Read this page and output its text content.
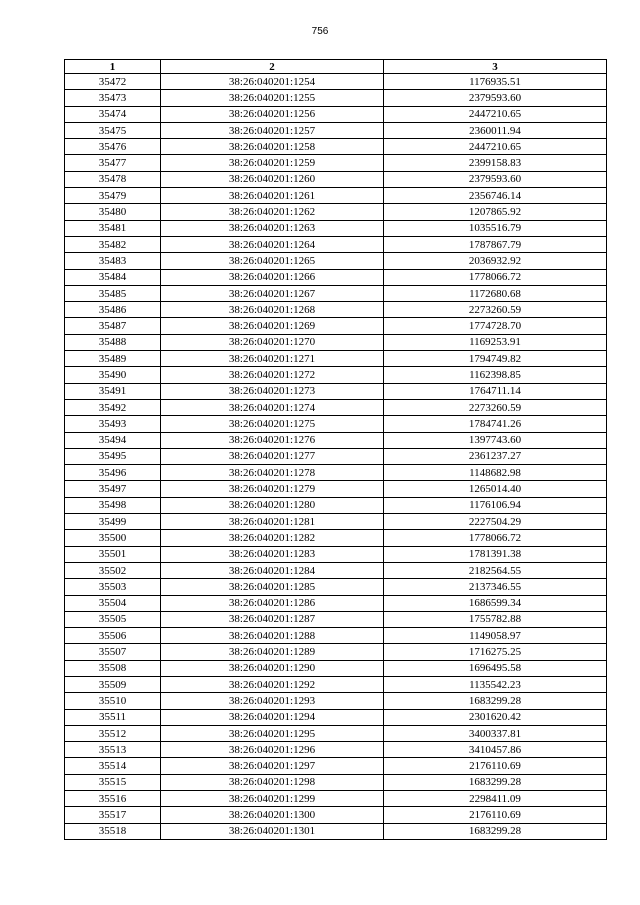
756
1	2	3
35472	38:26:040201:1254	1176935.51
35473	38:26:040201:1255	2379593.60
35474	38:26:040201:1256	2447210.65
35475	38:26:040201:1257	2360011.94
35476	38:26:040201:1258	2447210.65
35477	38:26:040201:1259	2399158.83
35478	38:26:040201:1260	2379593.60
35479	38:26:040201:1261	2356746.14
35480	38:26:040201:1262	1207865.92
35481	38:26:040201:1263	1035516.79
35482	38:26:040201:1264	1787867.79
35483	38:26:040201:1265	2036932.92
35484	38:26:040201:1266	1778066.72
35485	38:26:040201:1267	1172680.68
35486	38:26:040201:1268	2273260.59
35487	38:26:040201:1269	1774728.70
35488	38:26:040201:1270	1169253.91
35489	38:26:040201:1271	1794749.82
35490	38:26:040201:1272	1162398.85
35491	38:26:040201:1273	1764711.14
35492	38:26:040201:1274	2273260.59
35493	38:26:040201:1275	1784741.26
35494	38:26:040201:1276	1397743.60
35495	38:26:040201:1277	2361237.27
35496	38:26:040201:1278	1148682.98
35497	38:26:040201:1279	1265014.40
35498	38:26:040201:1280	1176106.94
35499	38:26:040201:1281	2227504.29
35500	38:26:040201:1282	1778066.72
35501	38:26:040201:1283	1781391.38
35502	38:26:040201:1284	2182564.55
35503	38:26:040201:1285	2137346.55
35504	38:26:040201:1286	1686599.34
35505	38:26:040201:1287	1755782.88
35506	38:26:040201:1288	1149058.97
35507	38:26:040201:1289	1716275.25
35508	38:26:040201:1290	1696495.58
35509	38:26:040201:1292	1135542.23
35510	38:26:040201:1293	1683299.28
35511	38:26:040201:1294	2301620.42
35512	38:26:040201:1295	3400337.81
35513	38:26:040201:1296	3410457.86
35514	38:26:040201:1297	2176110.69
35515	38:26:040201:1298	1683299.28
35516	38:26:040201:1299	2298411.09
35517	38:26:040201:1300	2176110.69
35518	38:26:040201:1301	1683299.28
